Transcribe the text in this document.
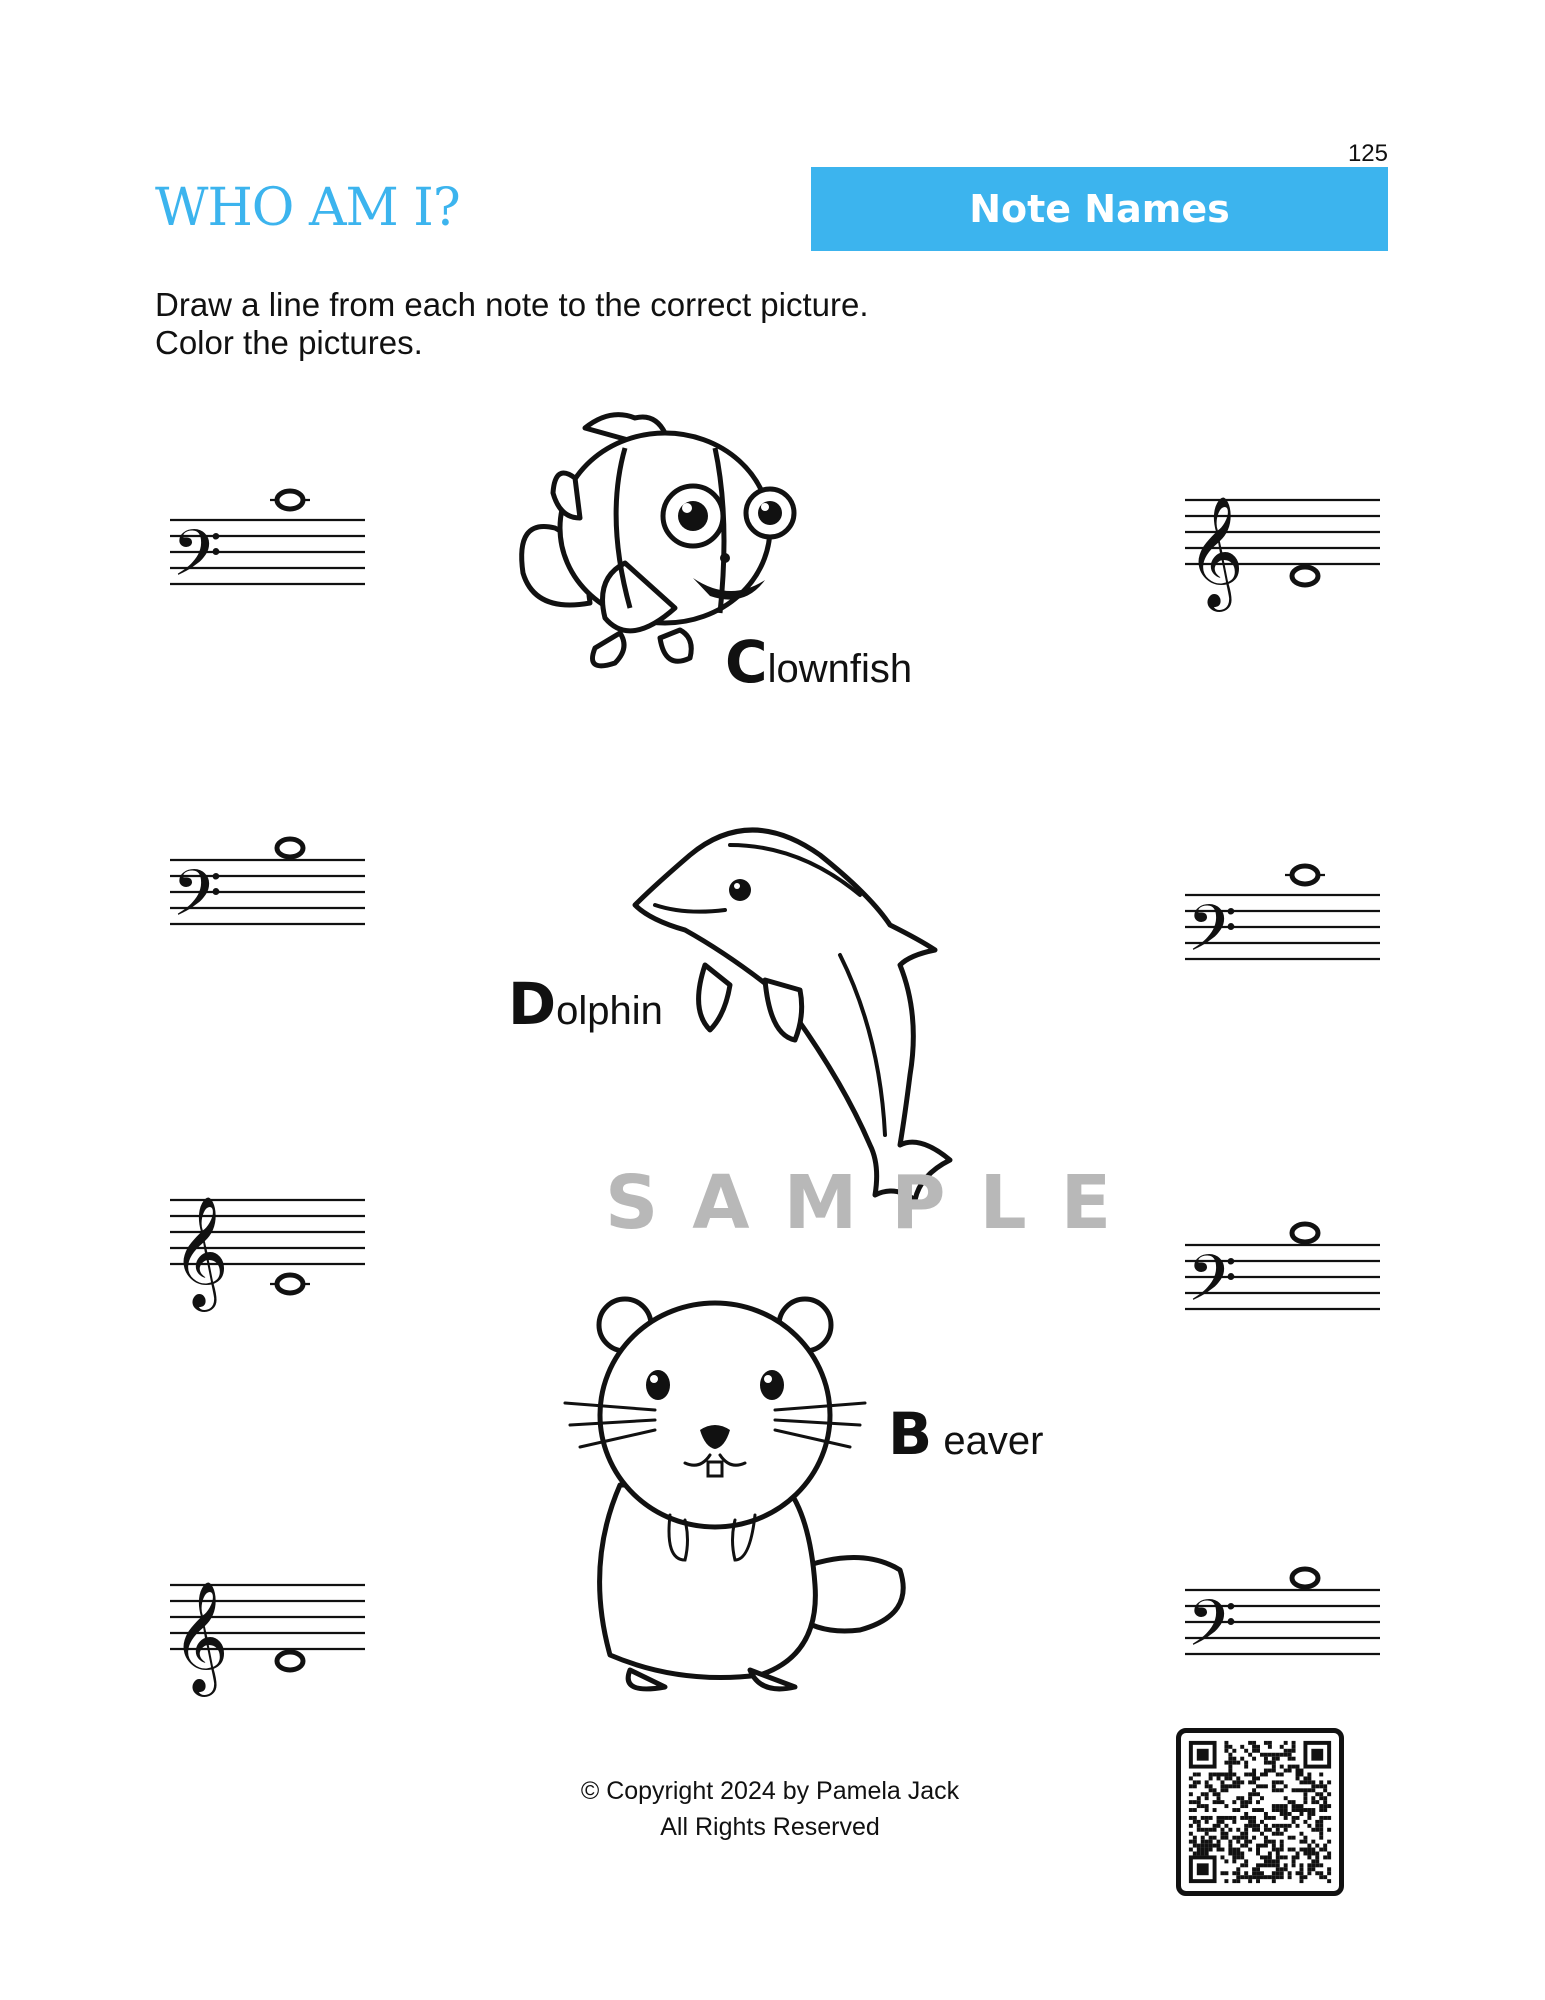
125
WHO AM I?	Note Names
Draw a line from each note to the correct picture.
Color the pictures.
𝄢
𝄢
𝄞
𝄞
𝄞
𝄢
𝄢
𝄢
Clownfish
Dolphin
B eaver
SAMPLE
© Copyright 2024 by Pamela Jack
All Rights Reserved
